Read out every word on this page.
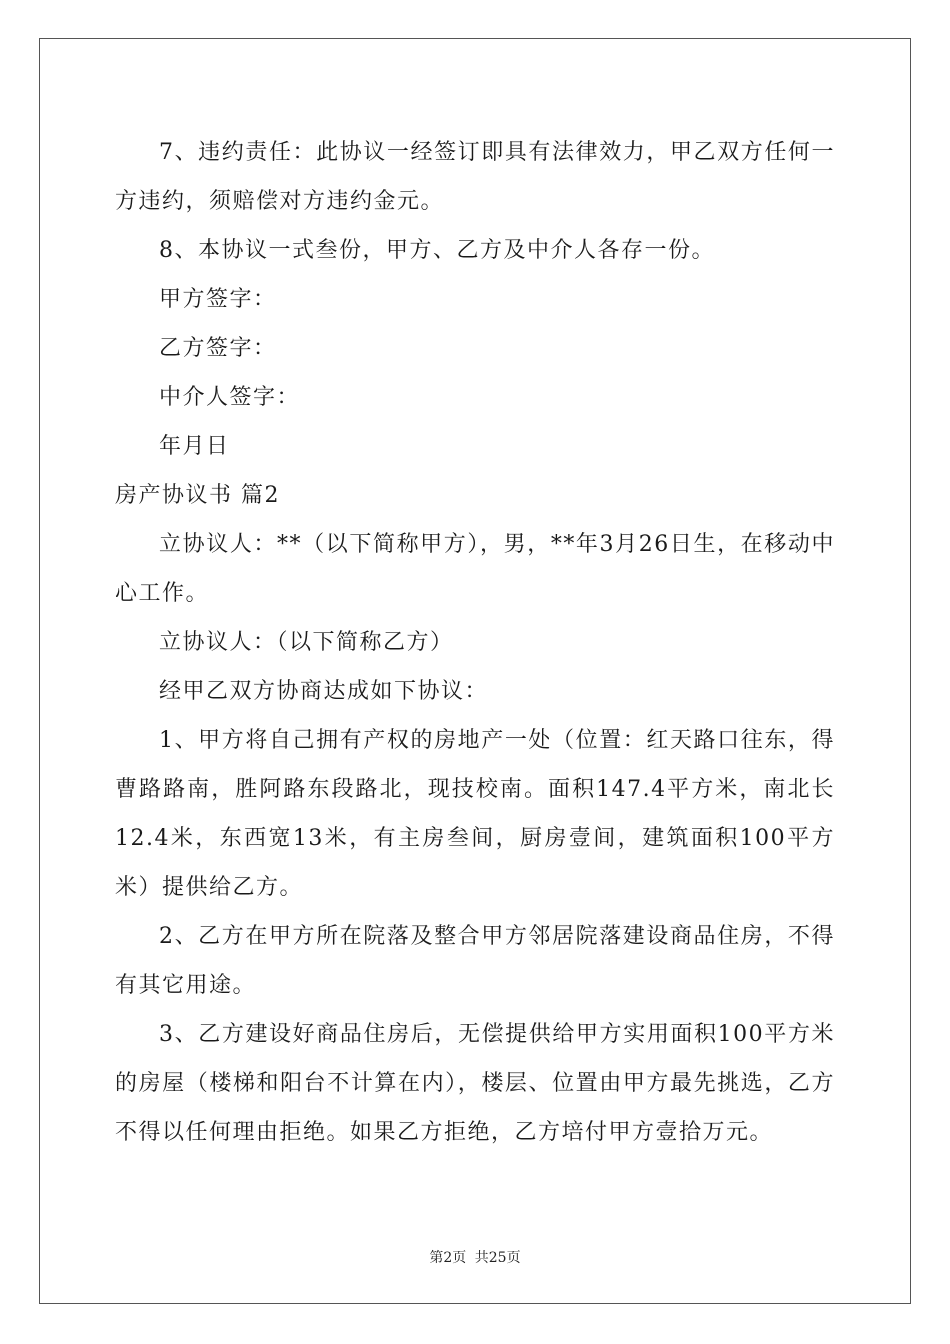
7、违约责任：此协议一经签订即具有法律效力，甲乙双方任何一方违约，须赔偿对方违约金元。

8、本协议一式叁份，甲方、乙方及中介人各存一份。

甲方签字：

乙方签字：

中介人签字：

年月日

房产协议书 篇2

立协议人：**（以下简称甲方），男，**年3月26日生，在移动中心工作。

立协议人：（以下简称乙方）

经甲乙双方协商达成如下协议：

1、甲方将自己拥有产权的房地产一处（位置：红天路口往东，得曹路路南，胜阿路东段路北，现技校南。面积147.4平方米，南北长12.4米，东西宽13米，有主房叁间，厨房壹间，建筑面积100平方米）提供给乙方。

2、乙方在甲方所在院落及整合甲方邻居院落建设商品住房，不得有其它用途。

3、乙方建设好商品住房后，无偿提供给甲方实用面积100平方米的房屋（楼梯和阳台不计算在内），楼层、位置由甲方最先挑选，乙方不得以任何理由拒绝。如果乙方拒绝，乙方培付甲方壹拾万元。

第2页 共25页
